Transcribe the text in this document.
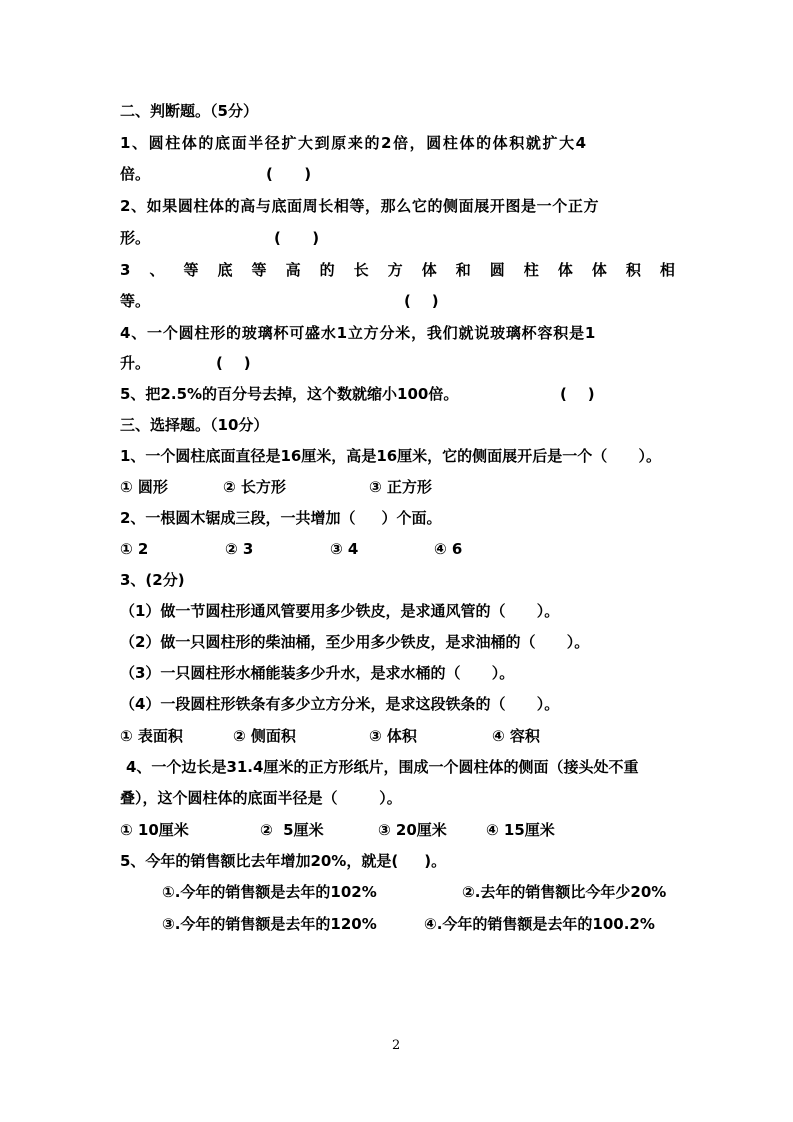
二、判断题。（5分）
1、圆柱体的底面半径扩大到原来的2倍，圆柱体的体积就扩大4
倍。	(      )
2、如果圆柱体的高与底面周长相等，那么它的侧面展开图是一个正方
形。	(      )
3 、 等 底 等 高 的 长 方 体 和 圆 柱 体 体 积 相
等。	(    )
4、一个圆柱形的玻璃杯可盛水1立方分米，我们就说玻璃杯容积是1
升。	(    )
5、把2.5%的百分号去掉，这个数就缩小100倍。	(    )
三、选择题。（10分）
1、一个圆柱底面直径是16厘米，高是16厘米，它的侧面展开后是一个（      ）。
① 圆形	② 长方形	③ 正方形
2、一根圆木锯成三段，一共增加（     ）个面。
① 2	② 3	③ 4	④ 6
3、(2分)
（1）做一节圆柱形通风管要用多少铁皮，是求通风管的（      ）。
（2）做一只圆柱形的柴油桶，至少用多少铁皮，是求油桶的（      ）。
（3）一只圆柱形水桶能装多少升水，是求水桶的（      ）。
（4）一段圆柱形铁条有多少立方分米，是求这段铁条的（      ）。
① 表面积	② 侧面积	③ 体积	④ 容积
4、一个边长是31.4厘米的正方形纸片，围成一个圆柱体的侧面（接头处不重
叠），这个圆柱体的底面半径是（        ）。
① 10厘米	②  5厘米	③ 20厘米	④ 15厘米
5、今年的销售额比去年增加20%，就是(     )。
①.今年的销售额是去年的102%	②.去年的销售额比今年少20%
③.今年的销售额是去年的120%	④.今年的销售额是去年的100.2%
2
